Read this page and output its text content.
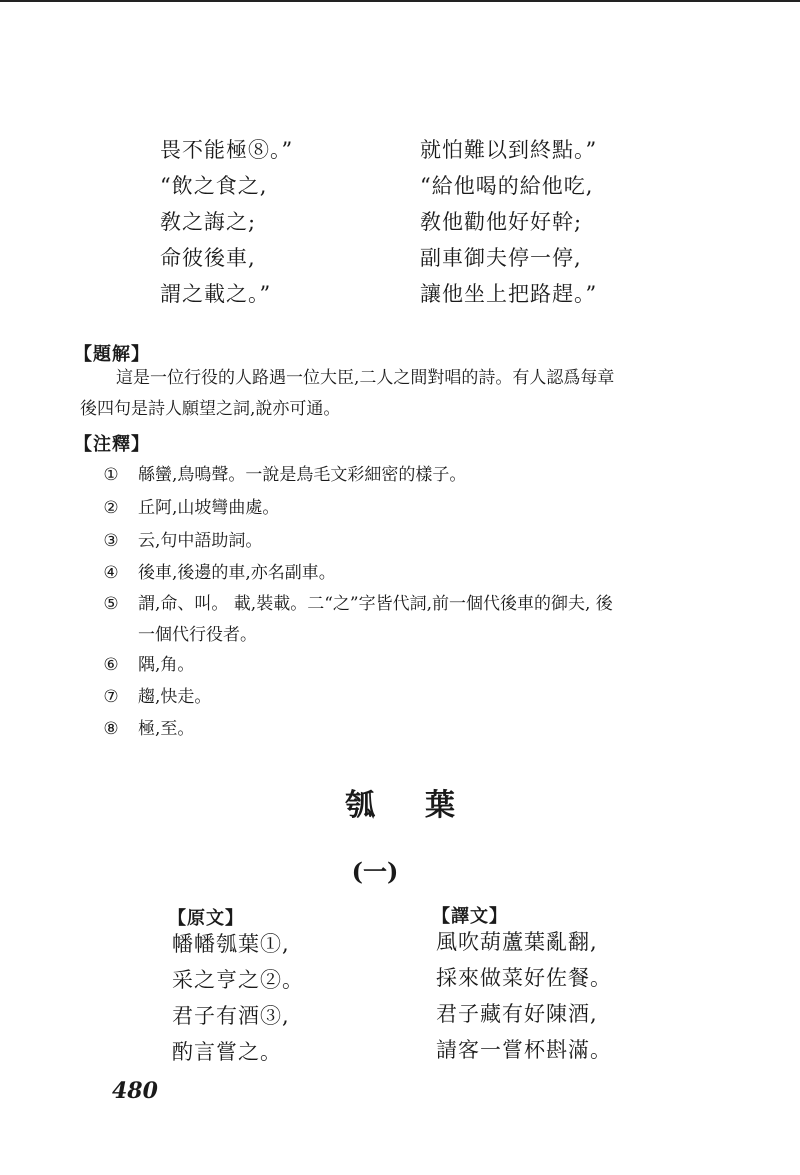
畏不能極⑧。”
“飲之食之,
敎之誨之;
命彼後車,
謂之載之。”
就怕難以到終點。”
“給他喝的給他吃,
敎他勸他好好幹;
副車御夫停一停,
讓他坐上把路趕。”
【題解】

這是一位行役的人路遇一位大臣,二人之間對唱的詩。有人認爲每章

後四句是詩人願望之詞,說亦可通。

【注釋】
① 緜蠻,鳥鳴聲。一說是鳥毛文彩細密的樣子。
② 丘阿,山坡彎曲處。
③ 云,句中語助詞。
④ 後車,後邊的車,亦名副車。
⑤ 謂,命、叫。 載,裝載。二“之”字皆代詞,前一個代後車的御夫, 後
一個代行役者。
⑥ 隅,角。
⑦ 趨,快走。
⑧ 極,至。
瓠葉
(一)
【原文】	【譯文】
幡幡瓠葉①,
采之亨之②。
君子有酒③,
酌言嘗之。
風吹葫蘆葉亂翻,
採來做菜好佐餐。
君子藏有好陳酒,
請客一嘗杯斟滿。
480
